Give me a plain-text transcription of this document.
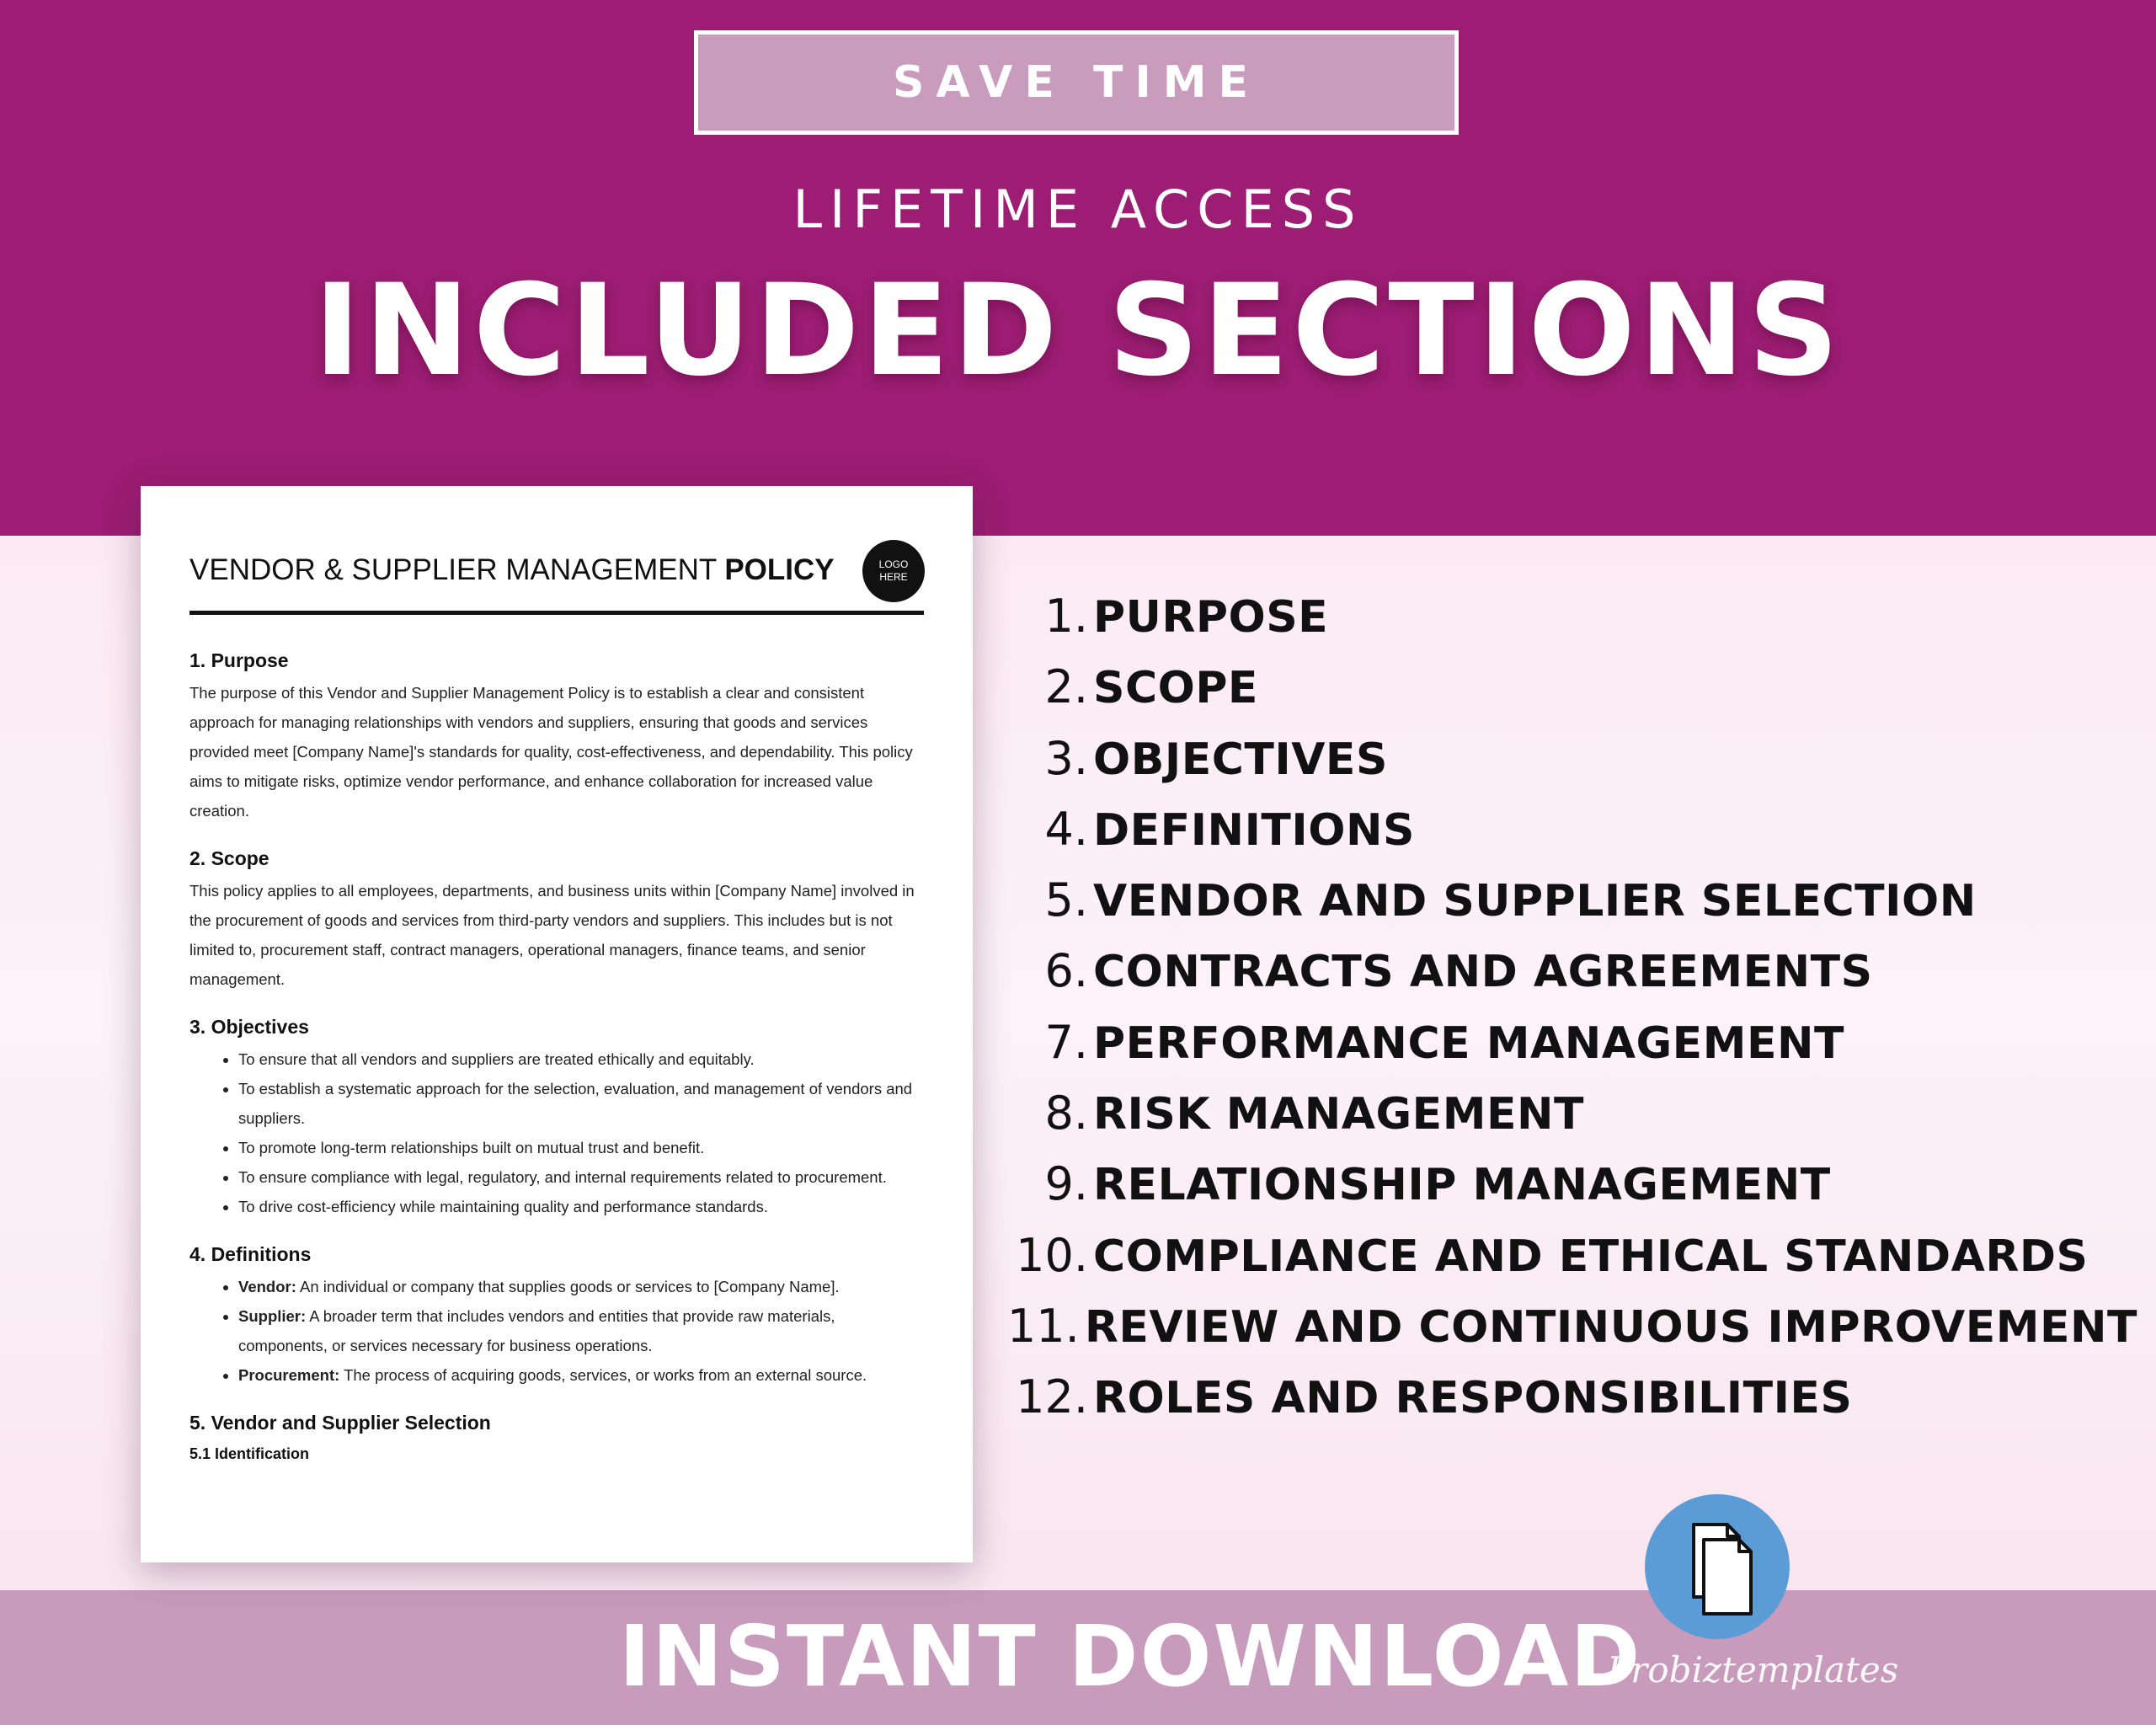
SAVE TIME
LIFETIME ACCESS
INCLUDED SECTIONS
VENDOR & SUPPLIER MANAGEMENT POLICY	LOGO
HERE
1. Purpose

The purpose of this Vendor and Supplier Management Policy is to establish a clear and consistent approach for managing relationships with vendors and suppliers, ensuring that goods and services provided meet [Company Name]'s standards for quality, cost-effectiveness, and dependability. This policy aims to mitigate risks, optimize vendor performance, and enhance collaboration for increased value creation.

2. Scope

This policy applies to all employees, departments, and business units within [Company Name] involved in the procurement of goods and services from third-party vendors and suppliers. This includes but is not limited to, procurement staff, contract managers, operational managers, finance teams, and senior management.

3. Objectives
• To ensure that all vendors and suppliers are treated ethically and equitably.
• To establish a systematic approach for the selection, evaluation, and management of vendors and suppliers.
• To promote long-term relationships built on mutual trust and benefit.
• To ensure compliance with legal, regulatory, and internal requirements related to procurement.
• To drive cost-efficiency while maintaining quality and performance standards.
4. Definitions
• Vendor: An individual or company that supplies goods or services to [Company Name].
• Supplier: A broader term that includes vendors and entities that provide raw materials, components, or services necessary for business operations.
• Procurement: The process of acquiring goods, services, or works from an external source.
5. Vendor and Supplier Selection
5.1 Identification
1. PURPOSE
2. SCOPE
3. OBJECTIVES
4. DEFINITIONS
5. VENDOR AND SUPPLIER SELECTION
6. CONTRACTS AND AGREEMENTS
7. PERFORMANCE MANAGEMENT
8. RISK MANAGEMENT
9. RELATIONSHIP MANAGEMENT
10. COMPLIANCE AND ETHICAL STANDARDS
11. REVIEW AND CONTINUOUS IMPROVEMENT
12. ROLES AND RESPONSIBILITIES
INSTANT DOWNLOAD
Probiztemplates
